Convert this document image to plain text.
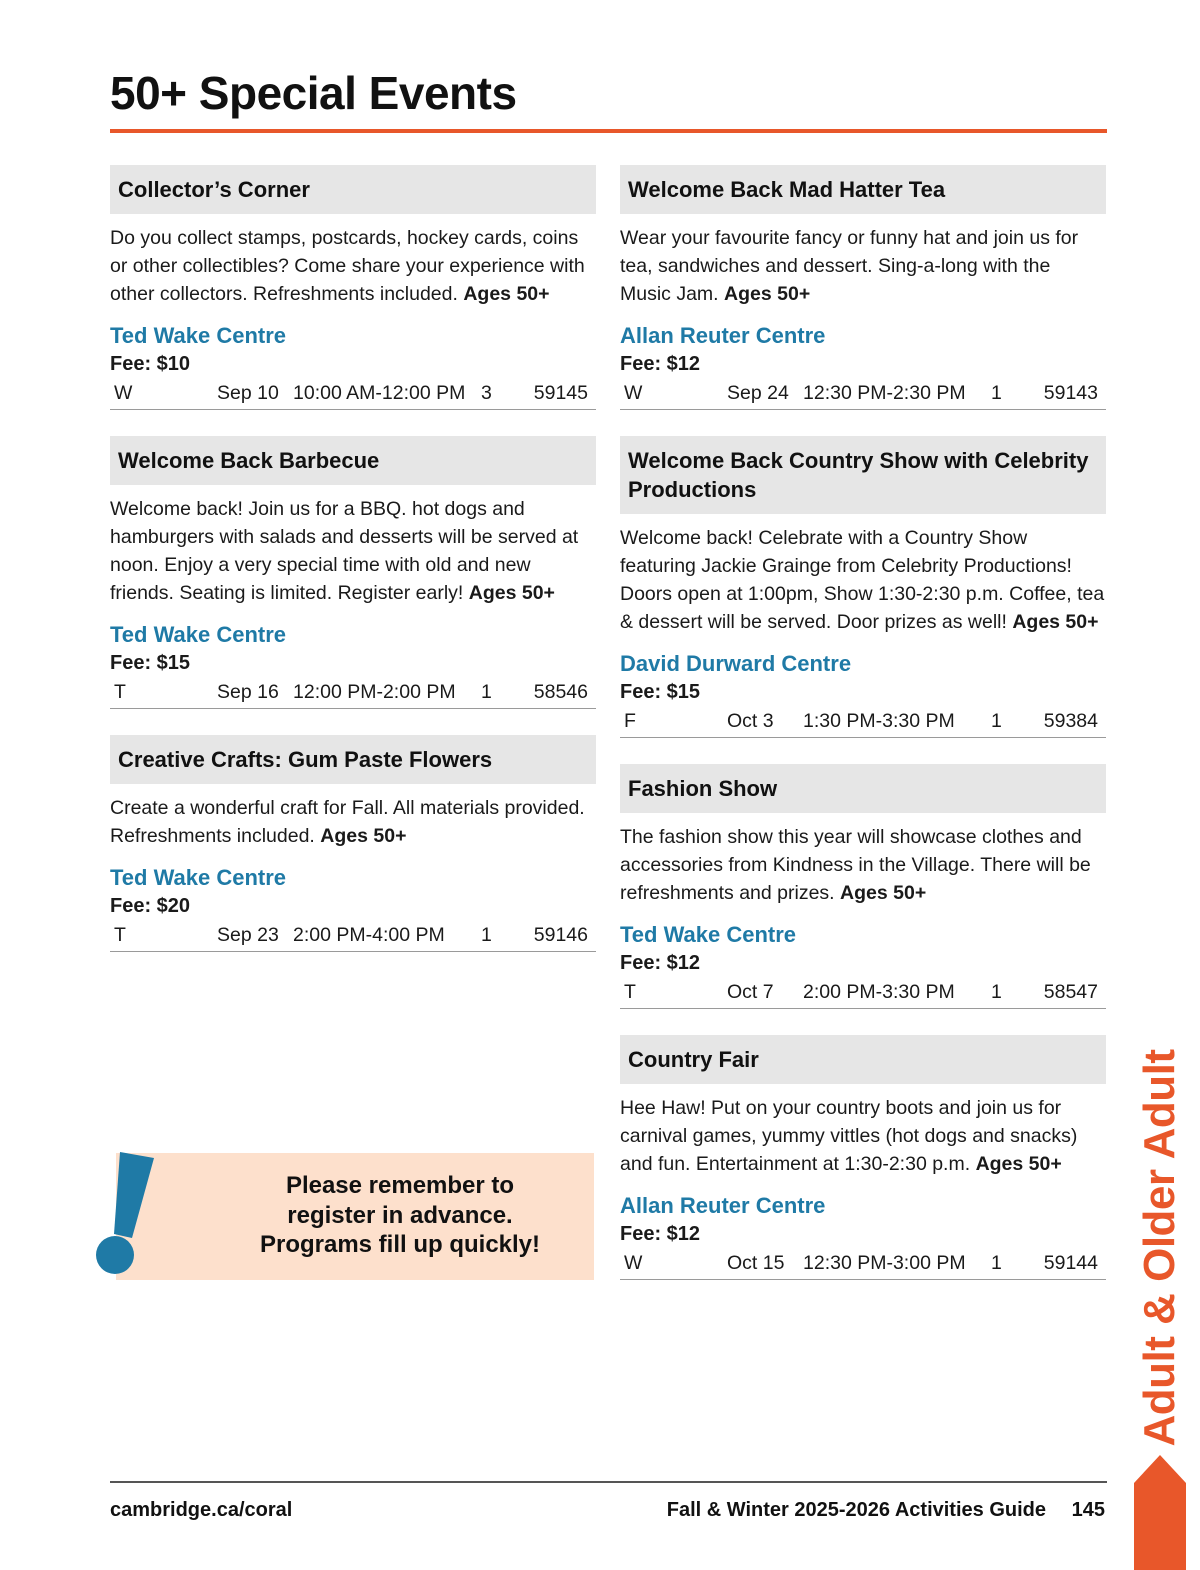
50+ Special Events
Collector’s Corner
Do you collect stamps, postcards, hockey cards, coins or other collectibles? Come share your experience with other collectors. Refreshments included. Ages 50+
Ted Wake Centre
Fee: $10
W	Sep 10 10:00 AM-12:00 PM 3	59145
Welcome Back Barbecue
Welcome back! Join us for a BBQ. hot dogs and hamburgers with salads and desserts will be served at noon. Enjoy a very special time with old and new friends. Seating is limited. Register early! Ages 50+
Ted Wake Centre
Fee: $15
T	Sep 16 12:00 PM-2:00 PM	1	58546
Creative Crafts: Gum Paste Flowers
Create a wonderful craft for Fall. All materials provided. Refreshments included. Ages 50+
Ted Wake Centre
Fee: $20
T	Sep 23 2:00 PM-4:00 PM	1	59146
Welcome Back Mad Hatter Tea
Wear your favourite fancy or funny hat and join us for tea, sandwiches and dessert. Sing-a-long with the Music Jam. Ages 50+
Allan Reuter Centre
Fee: $12
W	Sep 24 12:30 PM-2:30 PM	1	59143
Welcome Back Country Show with Celebrity Productions
Welcome back! Celebrate with a Country Show featuring Jackie Grainge from Celebrity Productions! Doors open at 1:00pm, Show 1:30-2:30 p.m. Coffee, tea & dessert will be served. Door prizes as well! Ages 50+
David Durward Centre
Fee: $15
F	Oct 3	1:30 PM-3:30 PM	1	59384
Fashion Show
The fashion show this year will showcase clothes and accessories from Kindness in the Village. There will be refreshments and prizes. Ages 50+
Ted Wake Centre
Fee: $12
T	Oct 7	2:00 PM-3:30 PM	1	58547
Country Fair
Hee Haw! Put on your country boots and join us for carnival games, yummy vittles (hot dogs and snacks) and fun. Entertainment at 1:30-2:30 p.m. Ages 50+
Allan Reuter Centre
Fee: $12
W	Oct 15 12:30 PM-3:00 PM	1	59144
Please remember to
register in advance.
Programs fill up quickly!	Adult & Older Adult
cambridge.ca/coral	Fall & Winter 2025-2026 Activities Guide 145
